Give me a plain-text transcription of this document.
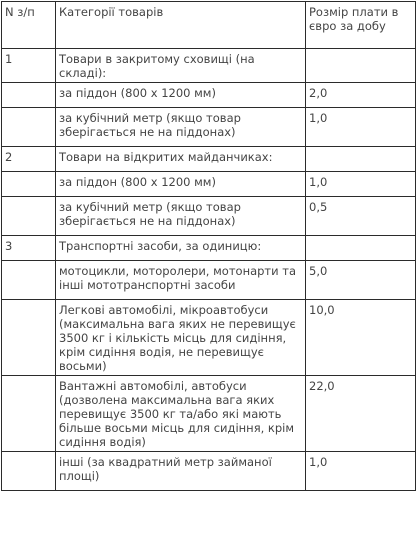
N з/п	Категорії товарів	Розмір плати в євро за добу
1	Товари в закритому сховищі (на складі):	
	за піддон (800 х 1200 мм)	2,0
	за кубічний метр (якщо товар зберігається не на піддонах)	1,0
2	Товари на відкритих майданчиках:	
	за піддон (800 х 1200 мм)	1,0
	за кубічний метр (якщо товар зберігається не на піддонах)	0,5
3	Транспортні засоби, за одиницю:	
	мотоцикли, моторолери, мотонарти та інші мототранспортні засоби	5,0
	Легкові автомобілі, мікроавтобуси (максимальна вага яких не перевищує 3500 кг і кількість місць для сидіння, крім сидіння водія, не перевищує восьми)	10,0
	Вантажні автомобілі, автобуси (дозволена максимальна вага яких перевищує 3500 кг та/або які мають більше восьми місць для сидіння, крім сидіння водія)	22,0
	інші (за квадратний метр займаної площі)	1,0
